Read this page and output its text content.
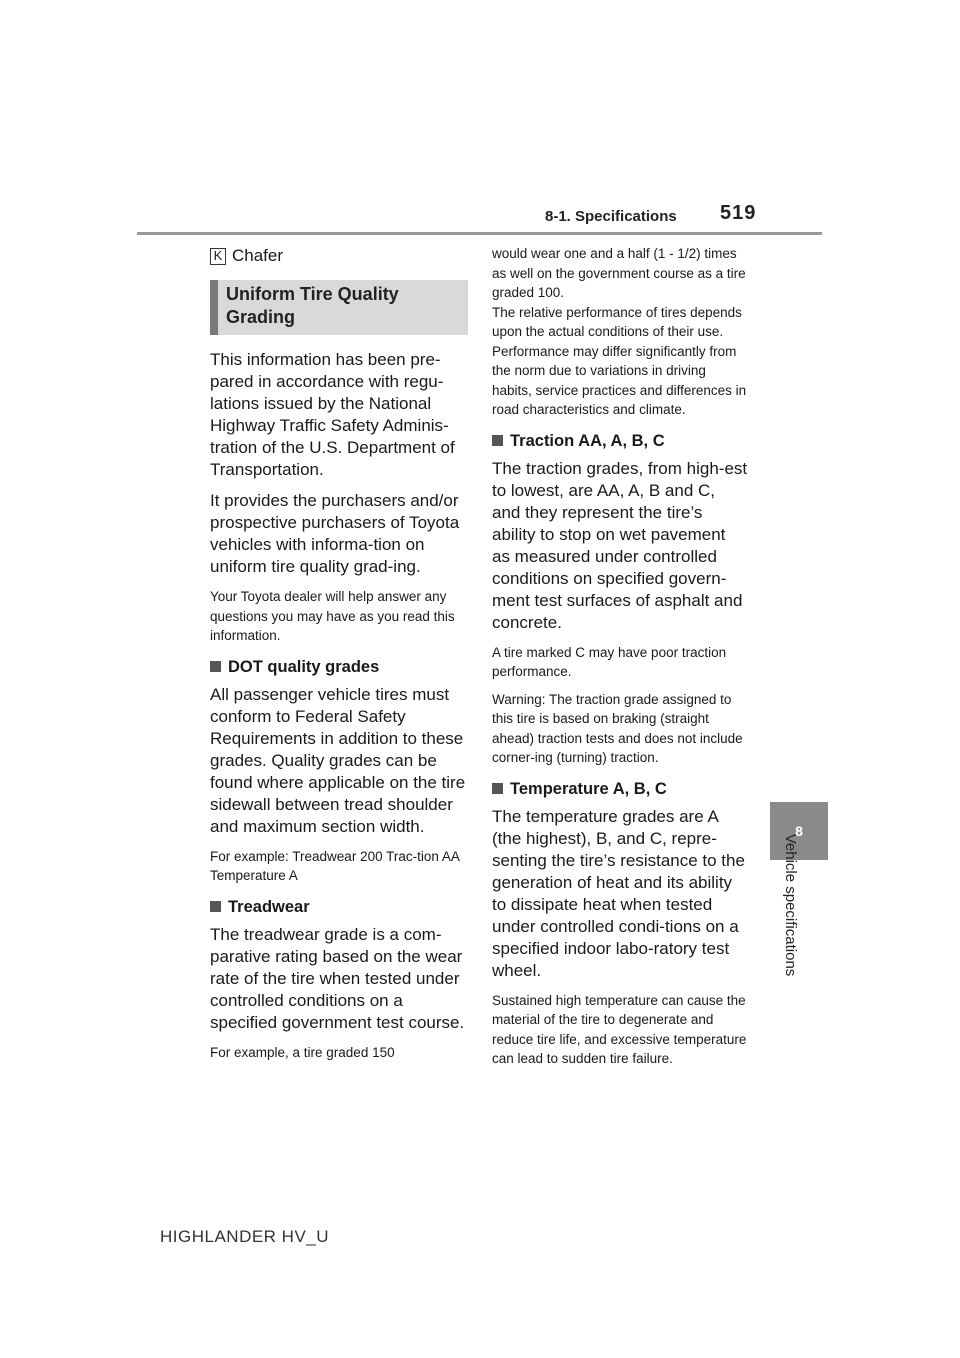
8-1. Specifications 519
8
Vehicle specifications
K Chafer
Uniform Tire Quality Grading

This information has been pre-pared in accordance with regu-lations issued by the National Highway Traffic Safety Adminis-tration of the U.S. Department of Transportation.

It provides the purchasers and/or prospective purchasers of Toyota vehicles with informa-tion on uniform tire quality grad-ing.

Your Toyota dealer will help answer any questions you may have as you read this information.

DOT quality grades

All passenger vehicle tires must conform to Federal Safety Requirements in addition to these grades. Quality grades can be found where applicable on the tire sidewall between tread shoulder and maximum section width.

For example: Treadwear 200 Trac-tion AA Temperature A

Treadwear

The treadwear grade is a com-parative rating based on the wear rate of the tire when tested under controlled conditions on a specified government test course.

For example, a tire graded 150

would wear one and a half (1 - 1/2) times as well on the government course as a tire graded 100.

The relative performance of tires depends upon the actual conditions of their use. Performance may differ significantly from the norm due to variations in driving habits, service practices and differences in road characteristics and climate.

Traction AA, A, B, C

The traction grades, from high-est to lowest, are AA, A, B and C, and they represent the tire’s ability to stop on wet pavement as measured under controlled conditions on specified govern-ment test surfaces of asphalt and concrete.

A tire marked C may have poor traction performance.

Warning: The traction grade assigned to this tire is based on braking (straight ahead) traction tests and does not include corner-ing (turning) traction.

Temperature A, B, C

The temperature grades are A (the highest), B, and C, repre-senting the tire’s resistance to the generation of heat and its ability to dissipate heat when tested under controlled condi-tions on a specified indoor labo-ratory test wheel.

Sustained high temperature can cause the material of the tire to degenerate and reduce tire life, and excessive temperature can lead to sudden tire failure.

HIGHLANDER HV_U
